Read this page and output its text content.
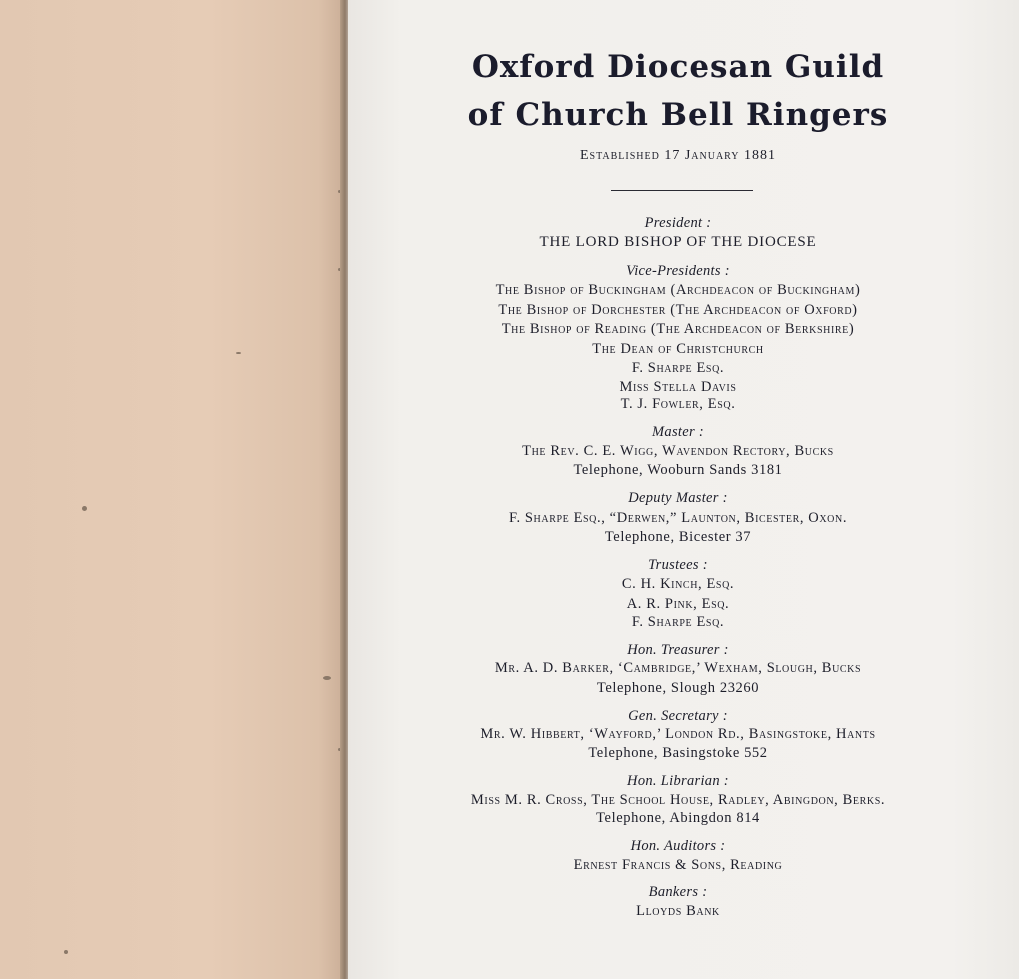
Oxford Diocesan Guild
of Church Bell Ringers
Established 17 January 1881
President :
THE LORD BISHOP OF THE DIOCESE
Vice-Presidents :
The Bishop of Buckingham (Archdeacon of Buckingham)
The Bishop of Dorchester (The Archdeacon of Oxford)
The Bishop of Reading (The Archdeacon of Berkshire)
The Dean of Christchurch
F. Sharpe Esq.
Miss Stella Davis
T. J. Fowler, Esq.
Master :
The Rev. C. E. Wigg, Wavendon Rectory, Bucks
Telephone, Wooburn Sands 3181
Deputy Master :
F. Sharpe Esq., “Derwen,” Launton, Bicester, Oxon.
Telephone, Bicester 37
Trustees :
C. H. Kinch, Esq.
A. R. Pink, Esq.
F. Sharpe Esq.
Hon. Treasurer :
Mr. A. D. Barker, ‘Cambridge,’ Wexham, Slough, Bucks
Telephone, Slough 23260
Gen. Secretary :
Mr. W. Hibbert, ‘Wayford,’ London Rd., Basingstoke, Hants
Telephone, Basingstoke 552
Hon. Librarian :
Miss M. R. Cross, The School House, Radley, Abingdon, Berks.
Telephone, Abingdon 814
Hon. Auditors :
Ernest Francis & Sons, Reading
Bankers :
Lloyds Bank
